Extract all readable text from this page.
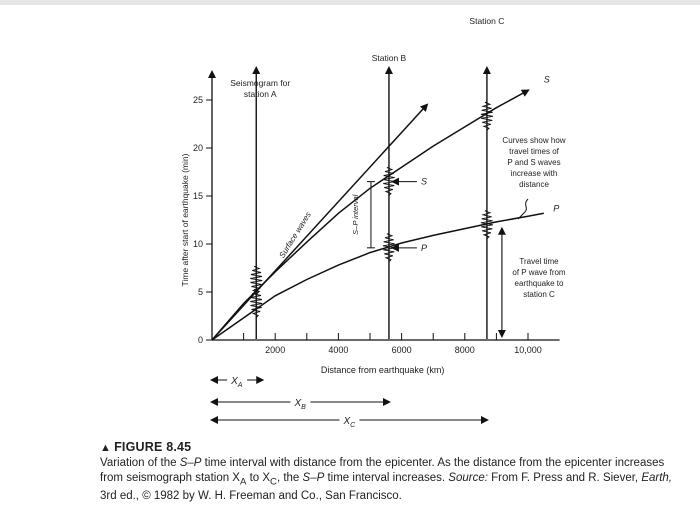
0
5
10
15
20
25
2000	4000	6000	8000	10,000
Distance from earthquake (km)
Time after start of earthquake (min)
Seismogram for
station A
Station B
Station C
S
P
Surface waves
S
P
S–P interval
Curves show how
travel times of
P and S waves
increase with
distance
Travel time
of P wave from
earthquake to
station C
$X_A$
$X_B$
$X_C$
▲ FIGURE 8.45
Variation of the S–P time interval with distance from the epicenter. As the distance from the epicenter increases from seismograph station $X_A$ to $X_C$, the S–P time interval increases. Source: From F. Press and R. Siever, Earth, 3rd ed., © 1982 by W. H. Freeman and Co., San Francisco.
